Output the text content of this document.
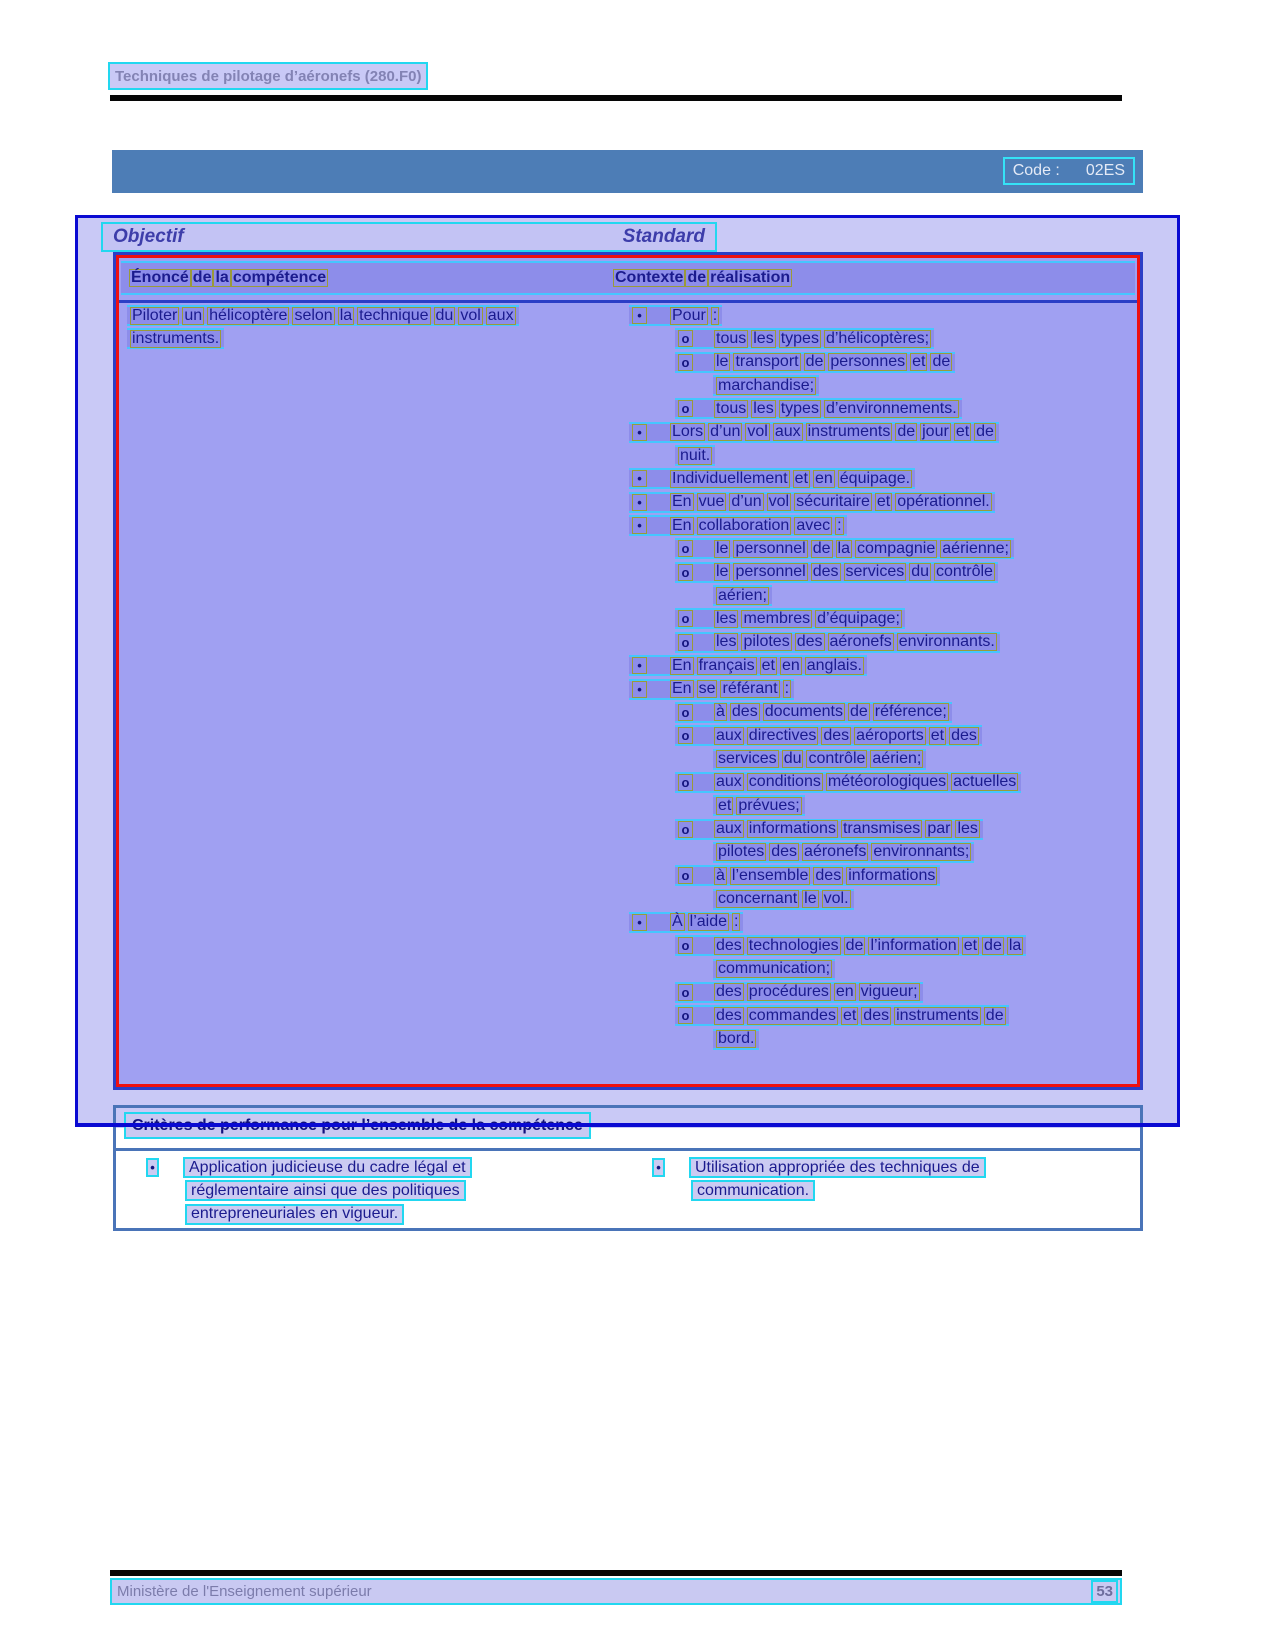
Techniques de pilotage d’aéronefs (280.F0)
Code : 02ES
Objectif	Standard
Énoncé de la compétence	Contexte de réalisation
Piloter un hélicoptère selon la technique du vol aux
instruments.
•	Pour :
o tous les types d’hélicoptères;
o le transport de personnes et de
marchandise;
o tous les types d’environnements.
•	Lors d’un vol aux instruments de jour et de
nuit.
•	Individuellement et en équipage.
•	En vue d’un vol sécuritaire et opérationnel.
•	En collaboration avec :
o le personnel de la compagnie aérienne;
o le personnel des services du contrôle
aérien;
o les membres d’équipage;
o les pilotes des aéronefs environnants.
•	En français et en anglais.
•	En se référant :
o à des documents de référence;
o aux directives des aéroports et des
services du contrôle aérien;
o aux conditions météorologiques actuelles
et prévues;
o aux informations transmises par les
pilotes des aéronefs environnants;
o à l’ensemble des informations
concernant le vol.
•	À l’aide :
o des technologies de l’information et de la
communication;
o des procédures en vigueur;
o des commandes et des instruments de
bord.
•	Application judicieuse du cadre légal et
réglementaire ainsi que des politiques
entrepreneuriales en vigueur.
•	Utilisation appropriée des techniques de
communication.
Ministère de l'Enseignement supérieur	53
